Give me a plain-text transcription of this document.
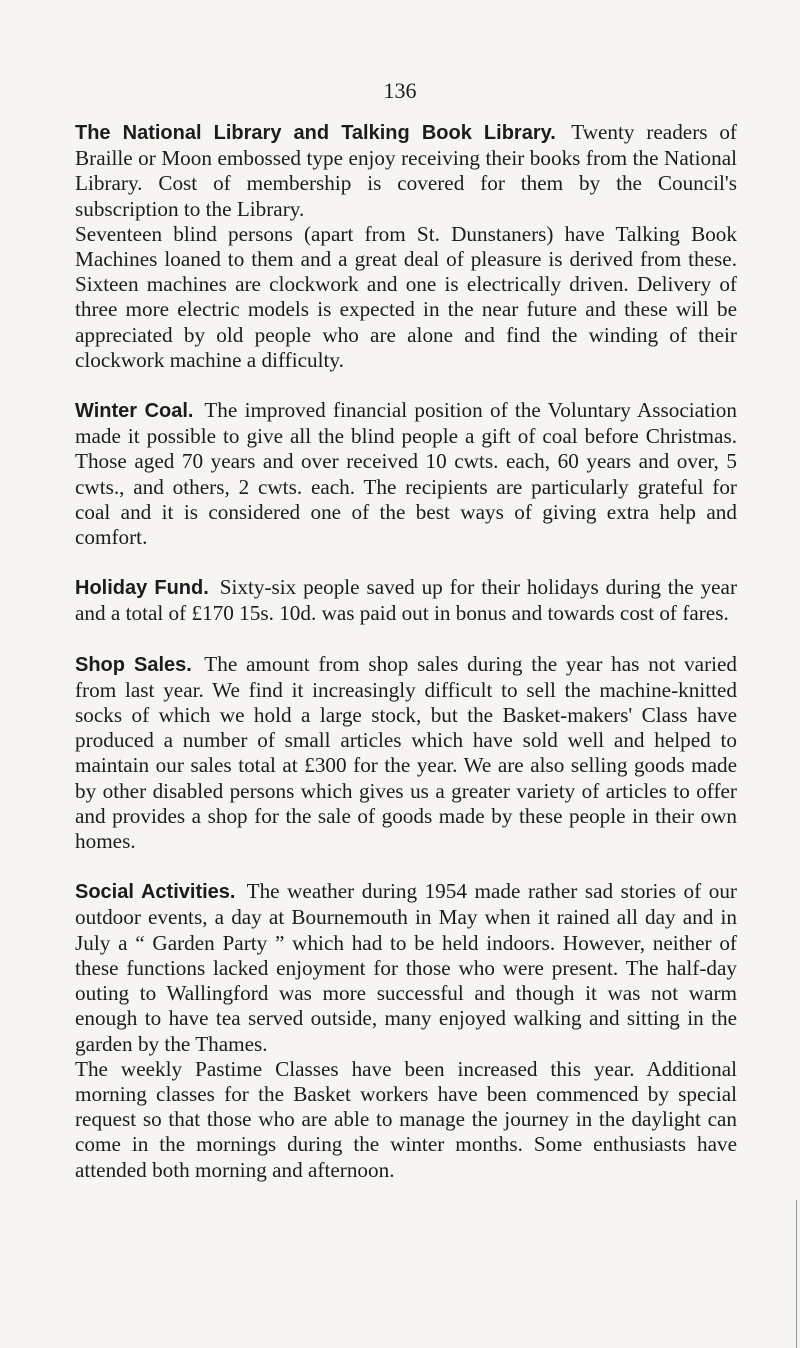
136

The National Library and Talking Book Library. Twenty readers of Braille or Moon embossed type enjoy receiving their books from the National Library. Cost of membership is covered for them by the Council's subscription to the Library.

Seventeen blind persons (apart from St. Dunstaners) have Talking Book Machines loaned to them and a great deal of pleasure is derived from these. Sixteen machines are clockwork and one is electrically driven. Delivery of three more electric models is expected in the near future and these will be appreciated by old people who are alone and find the winding of their clockwork machine a difficulty.

Winter Coal. The improved financial position of the Voluntary Association made it possible to give all the blind people a gift of coal before Christmas. Those aged 70 years and over received 10 cwts. each, 60 years and over, 5 cwts., and others, 2 cwts. each. The recipients are particularly grateful for coal and it is considered one of the best ways of giving extra help and comfort.

Holiday Fund. Sixty-six people saved up for their holidays during the year and a total of £170 15s. 10d. was paid out in bonus and towards cost of fares.

Shop Sales. The amount from shop sales during the year has not varied from last year. We find it increasingly difficult to sell the machine-knitted socks of which we hold a large stock, but the Basket-makers' Class have produced a number of small articles which have sold well and helped to maintain our sales total at £300 for the year. We are also selling goods made by other disabled persons which gives us a greater variety of articles to offer and provides a shop for the sale of goods made by these people in their own homes.

Social Activities. The weather during 1954 made rather sad stories of our outdoor events, a day at Bournemouth in May when it rained all day and in July a “ Garden Party ” which had to be held indoors. However, neither of these functions lacked enjoyment for those who were present. The half-day outing to Wallingford was more successful and though it was not warm enough to have tea served outside, many enjoyed walking and sitting in the garden by the Thames.

The weekly Pastime Classes have been increased this year. Additional morning classes for the Basket workers have been commenced by special request so that those who are able to manage the journey in the daylight can come in the mornings during the winter months. Some enthusiasts have attended both morning and afternoon.
